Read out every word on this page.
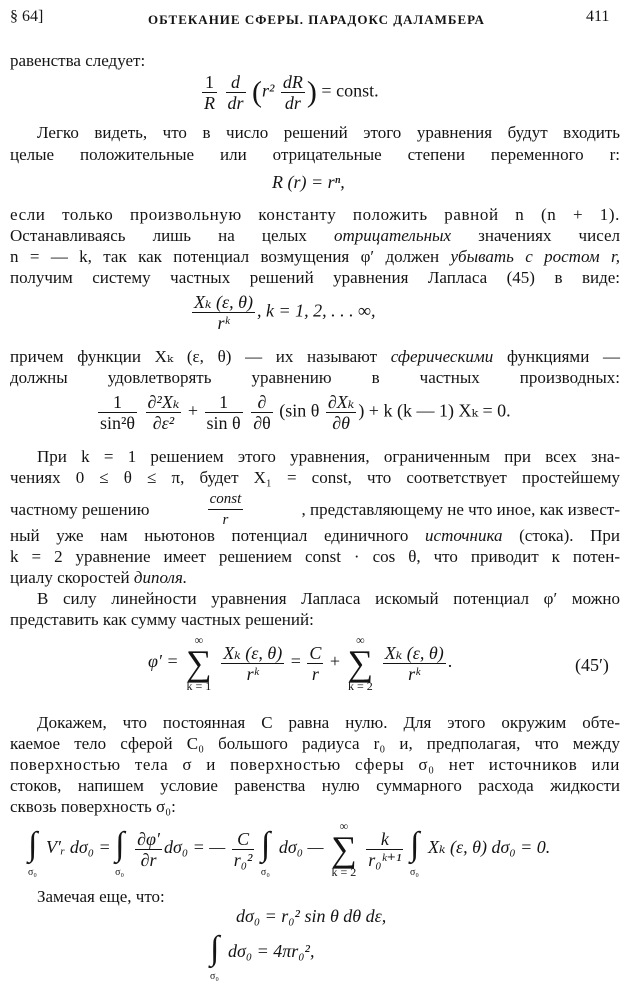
§ 64]	ОБТЕКАНИЕ СФЕРЫ. ПАРАДОКС ДАЛАМБЕРА	411
равенства следует:
$\frac{1}{R}$
$\frac{d}{dr} (r^2 \frac{dR}{dr}$ ) = const.
Легко видеть, что в число решений этого уравнения будут входить
целые положительные или отрицательные степени переменного r:
R (r) = rⁿ,
если только произвольную константу положить равной n (n + 1).
Останавливаясь лишь на целых отрицательных значениях чисел
n = — k, так как потенциал возмущения φ′ должен убывать с ростом r,
получим систему частных решений уравнения Лапласа (45) в виде:
$\frac{\text{Xₖ (ε, θ)}}{\text{rᵏ}}$ , k = 1, 2, . . . ∞,
причем функции Xₖ (ε, θ) — их называют сферическими функциями —
должны удовлетворять уравнению в частных производных:
$\frac{1}{\text{sin²θ}}$
$\frac{\text{∂²Xₖ}}{\text{∂ε²}} + \frac{1}{\text{sin θ}}$
$\frac{\partial}{\partial\theta} (\sin$ θ $\frac{\text{∂Xₖ}}{\partial\theta}$ ) + k (k — 1) Xₖ = 0.
При k = 1 решением этого уравнения, ограниченным при всех зна-
чениях 0 ≤ θ ≤ π, будет X₁ = const, что соответствует простейшему
частному решению	$\frac{\text{const}}{r}$	, представляющему не что иное, как извест-
ный уже нам ньютонов потенциал единичного источника (стока). При
k = 2 уравнение имеет решением const · cos θ, что приводит к потен-
циалу скоростей диполя.
В силу линейности уравнения Лапласа искомый потенциал φ′ можно
представить как сумму частных решений:
φ′ =
∞
∑
k = 1

$\frac{\text{Xₖ (ε, θ)}}{\text{rᵏ}} = \frac{C}{r}$ +
∞
∑
k = 2

$\frac{\text{Xₖ (ε, θ)}}{\text{rᵏ}}$ .	(45′)
Докажем, что постоянная C равна нулю. Для этого окружим обте-
каемое тело сферой C₀ большого радиуса r₀ и, предполагая, что между
поверхностью тела σ и поверхностью сферы σ₀ нет источников или
стоков, напишем условие равенства нулю суммарного расхода жидкости
сквозь поверхность σ₀:
∫
σ₀
V′ᵣ dσ₀ = ∫
σ₀
$\frac{\partial\varphi'}{\partial r} d\sigma_0$ = — $\frac{C}{\text{r₀²}}$
∫
σ₀
dσ₀ —
∞
∑
k = 2

$\frac{k}{\text{r₀ᵏ⁺¹}}$
∫
σ₀
Xₖ (ε, θ) dσ₀ = 0.
Замечая еще, что:
dσ₀ = r₀² sin θ dθ dε,
∫
σ₀
dσ₀ = 4πr₀²,
